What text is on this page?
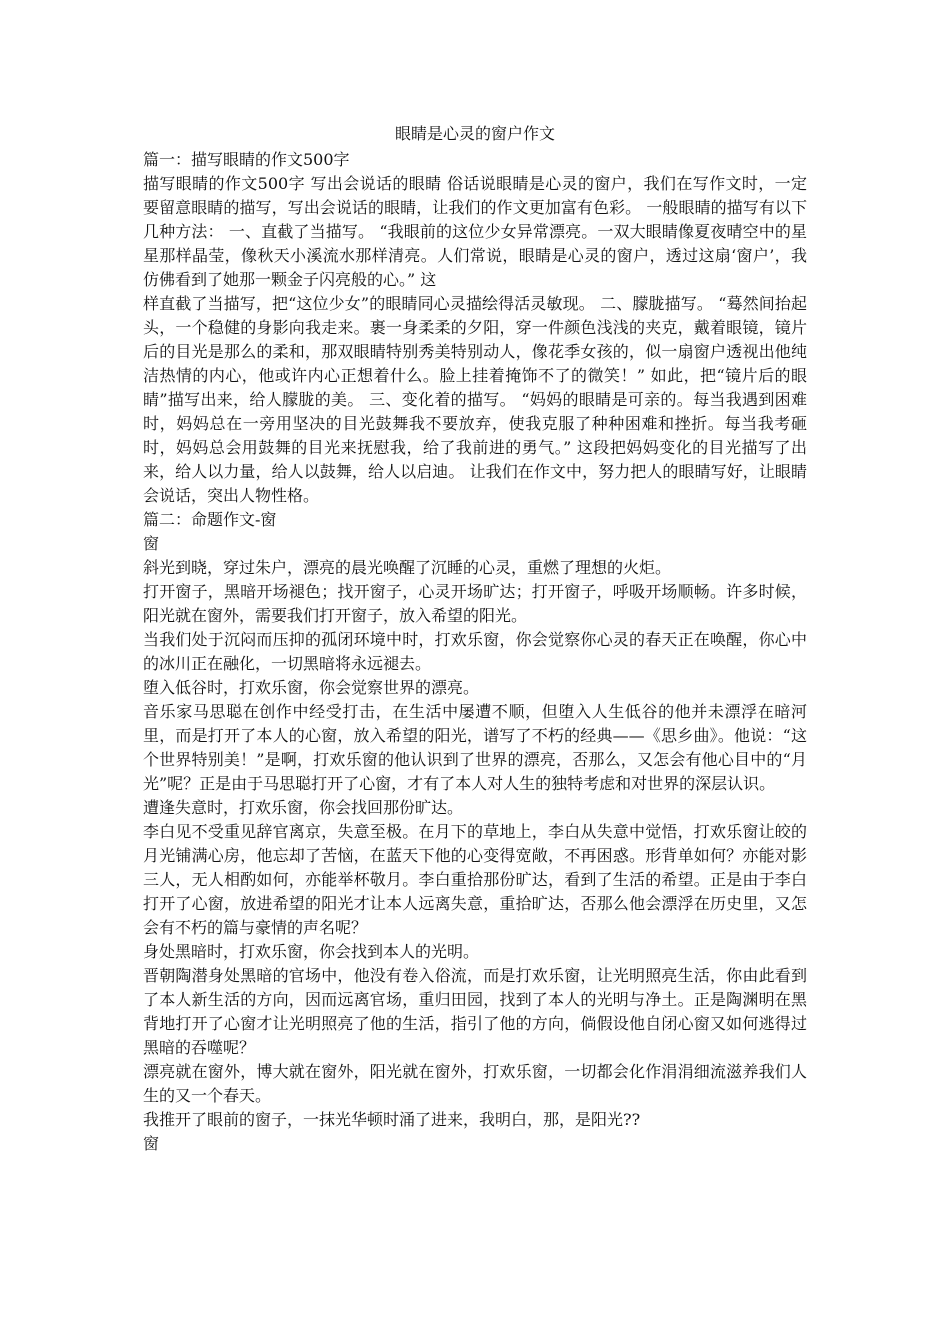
眼睛是心灵的窗户作文

篇一：描写眼睛的作文500字

描写眼睛的作文500字 写出会说话的眼睛 俗话说眼睛是心灵的窗户，我们在写作文时，一定要留意眼睛的描写，写出会说话的眼睛，让我们的作文更加富有色彩。 一般眼睛的描写有以下几种方法： 一、直截了当描写。 “我眼前的这位少女异常漂亮。一双大眼睛像夏夜晴空中的星星那样晶莹，像秋天小溪流水那样清亮。人们常说，眼睛是心灵的窗户，透过这扇‘窗户’，我仿佛看到了她那一颗金子闪亮般的心。” 这

样直截了当描写，把“这位少女”的眼睛同心灵描绘得活灵敏现。 二、朦胧描写。 “蓦然间抬起头，一个稳健的身影向我走来。裹一身柔柔的夕阳，穿一件颜色浅浅的夹克，戴着眼镜，镜片后的目光是那么的柔和，那双眼睛特别秀美特别动人，像花季女孩的，似一扇窗户透视出他纯洁热情的内心，他或许内心正想着什么。脸上挂着掩饰不了的微笑！” 如此，把“镜片后的眼睛”描写出来，给人朦胧的美。 三、变化着的描写。 “妈妈的眼睛是可亲的。每当我遇到困难时，妈妈总在一旁用坚决的目光鼓舞我不要放弃，使我克服了种种困难和挫折。每当我考砸时，妈妈总会用鼓舞的目光来抚慰我，给了我前进的勇气。” 这段把妈妈变化的目光描写了出来，给人以力量，给人以鼓舞，给人以启迪。 让我们在作文中，努力把人的眼睛写好，让眼睛会说话，突出人物性格。

篇二：命题作文-窗

窗

斜光到晓，穿过朱户，漂亮的晨光唤醒了沉睡的心灵，重燃了理想的火炬。

打开窗子，黑暗开场褪色；找开窗子，心灵开场旷达；打开窗子，呼吸开场顺畅。许多时候，阳光就在窗外，需要我们打开窗子，放入希望的阳光。

当我们处于沉闷而压抑的孤闭环境中时，打欢乐窗，你会觉察你心灵的春天正在唤醒，你心中的冰川正在融化，一切黑暗将永远褪去。

堕入低谷时，打欢乐窗，你会觉察世界的漂亮。

音乐家马思聪在创作中经受打击，在生活中屡遭不顺，但堕入人生低谷的他并未漂浮在暗河里，而是打开了本人的心窗，放入希望的阳光，谱写了不朽的经典——《思乡曲》。他说：“这个世界特别美！”是啊，打欢乐窗的他认识到了世界的漂亮，否那么，又怎会有他心目中的“月光”呢？正是由于马思聪打开了心窗，才有了本人对人生的独特考虑和对世界的深层认识。

遭逢失意时，打欢乐窗，你会找回那份旷达。

李白见不受重见辞官离京，失意至极。在月下的草地上，李白从失意中觉悟，打欢乐窗让皎的月光铺满心房，他忘却了苦恼，在蓝天下他的心变得宽敞，不再困惑。形背单如何？亦能对影三人，无人相酌如何，亦能举杯敬月。李白重拾那份旷达，看到了生活的希望。正是由于李白打开了心窗，放进希望的阳光才让本人远离失意，重拾旷达，否那么他会漂浮在历史里，又怎会有不朽的篇与豪情的声名呢？

身处黑暗时，打欢乐窗，你会找到本人的光明。

晋朝陶潜身处黑暗的官场中，他没有卷入俗流，而是打欢乐窗，让光明照亮生活，你由此看到了本人新生活的方向，因而远离官场，重归田园，找到了本人的光明与净土。正是陶渊明在黑背地打开了心窗才让光明照亮了他的生活，指引了他的方向，倘假设他自闭心窗又如何逃得过黑暗的吞噬呢？

漂亮就在窗外，博大就在窗外，阳光就在窗外，打欢乐窗，一切都会化作涓涓细流滋养我们人生的又一个春天。

我推开了眼前的窗子，一抹光华顿时涌了进来，我明白，那，是阳光??

窗
